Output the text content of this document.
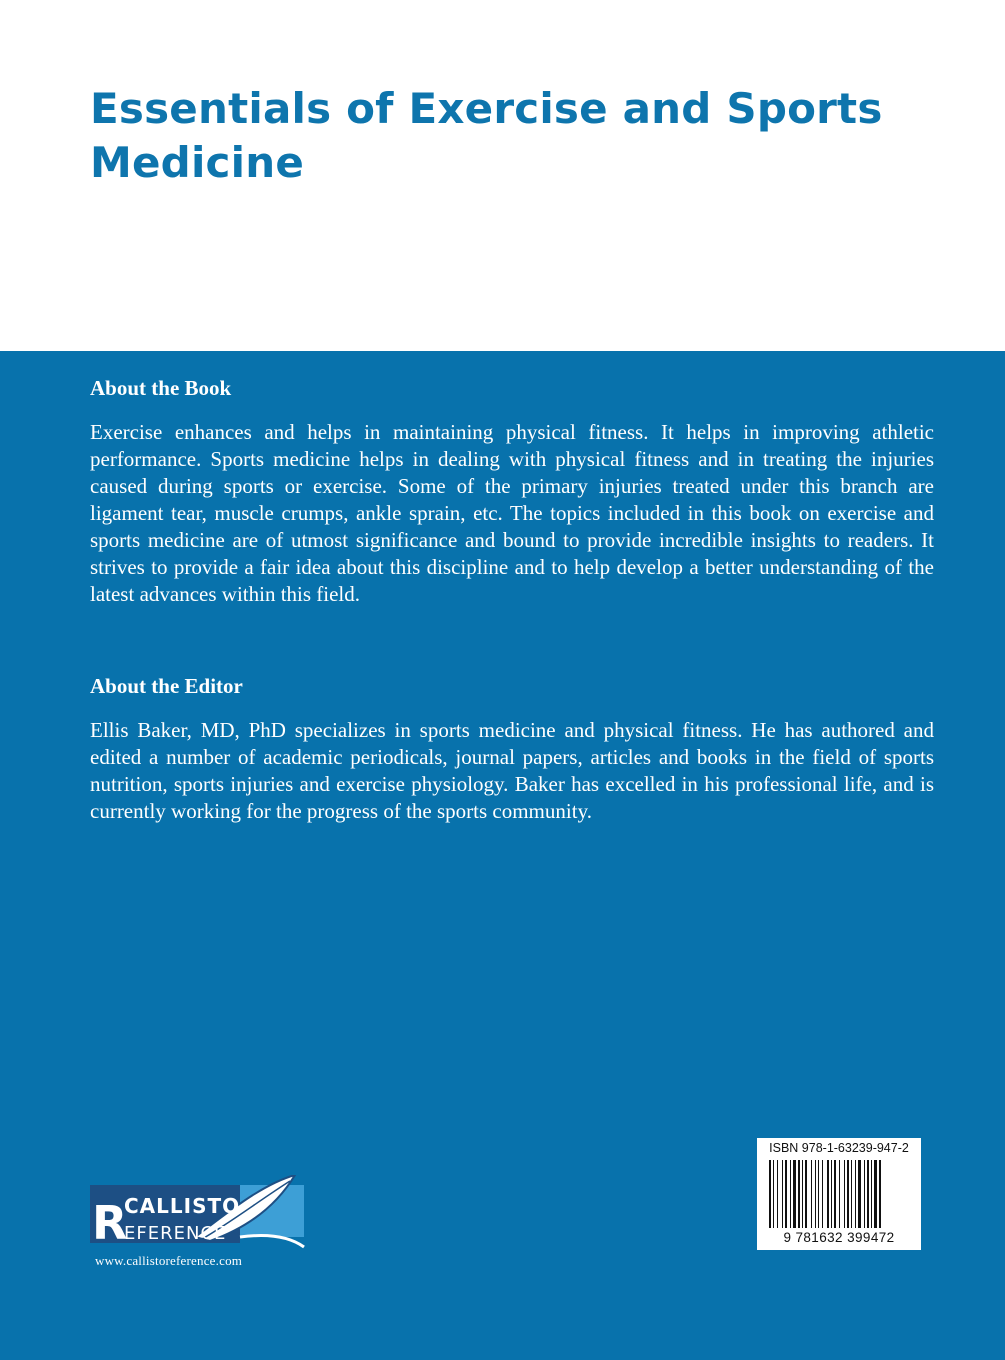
Essentials of Exercise and Sports Medicine
About the Book

Exercise enhances and helps in maintaining physical fitness. It helps in improving athletic performance. Sports medicine helps in dealing with physical fitness and in treating the injuries caused during sports or exercise. Some of the primary injuries treated under this branch are ligament tear, muscle crumps, ankle sprain, etc. The topics included in this book on exercise and sports medicine are of utmost significance and bound to provide incredible insights to readers. It strives to provide a fair idea about this discipline and to help develop a better understanding of the latest advances within this field.

About the Editor

Ellis Baker, MD, PhD specializes in sports medicine and physical fitness. He has authored and edited a number of academic periodicals, journal papers, articles and books in the field of sports nutrition, sports injuries and exercise physiology. Baker has excelled in his professional life, and is currently working for the progress of the sports community.

R
CALLISTO
EFERENCE
www.callistoreference.com
ISBN 978-1-63239-947-2
9 781632 399472
